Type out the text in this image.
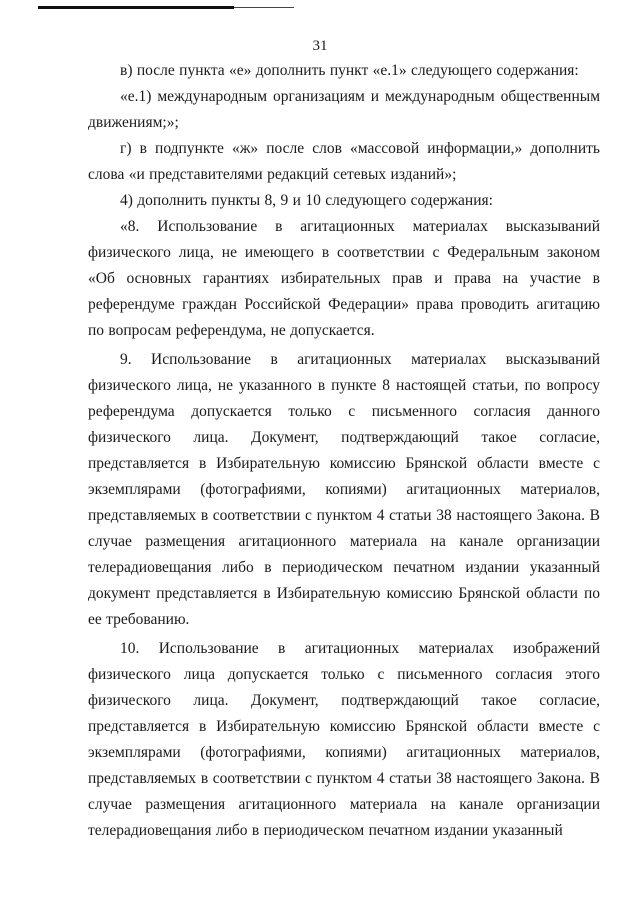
31

в) после пункта «е» дополнить пункт «е.1» следующего содержания:

«е.1) международным организациям и международным общественным движениям;»;

г) в подпункте «ж» после слов «массовой информации,» дополнить слова «и представителями редакций сетевых изданий»;

4) дополнить пункты 8, 9 и 10 следующего содержания:

«8. Использование в агитационных материалах высказываний физического лица, не имеющего в соответствии с Федеральным законом «Об основных гарантиях избирательных прав и права на участие в референдуме граждан Российской Федерации» права проводить агитацию по вопросам референдума, не допускается.

9. Использование в агитационных материалах высказываний физического лица, не указанного в пункте 8 настоящей статьи, по вопросу референдума допускается только с письменного согласия данного физического лица. Документ, подтверждающий такое согласие, представляется в Избирательную комиссию Брянской области вместе с экземплярами (фотографиями, копиями) агитационных материалов, представляемых в соответствии с пунктом 4 статьи 38 настоящего Закона. В случае размещения агитационного материала на канале организации телерадиовещания либо в периодическом печатном издании указанный документ представляется в Избирательную комиссию Брянской области по ее требованию.

10. Использование в агитационных материалах изображений физического лица допускается только с письменного согласия этого физического лица. Документ, подтверждающий такое согласие, представляется в Избирательную комиссию Брянской области вместе с экземплярами (фотографиями, копиями) агитационных материалов, представляемых в соответствии с пунктом 4 статьи 38 настоящего Закона. В случае размещения агитационного материала на канале организации телерадиовещания либо в периодическом печатном издании указанный
